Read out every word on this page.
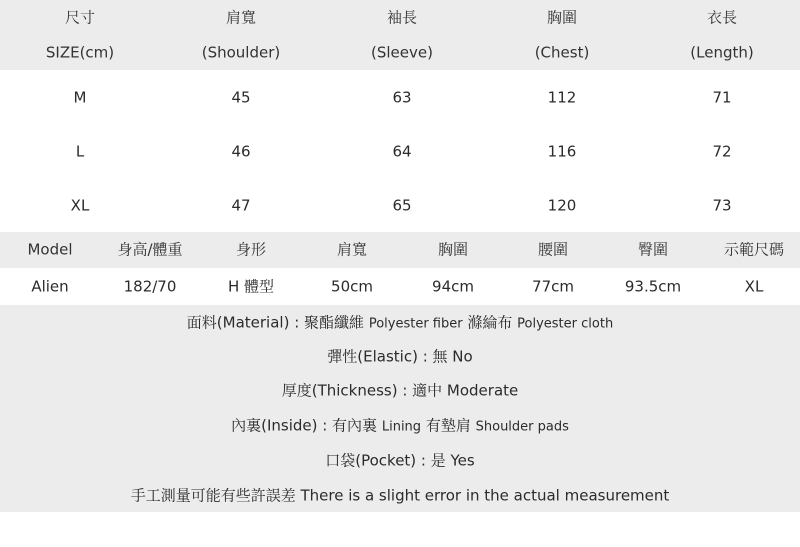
尺寸	肩寬	袖長	胸圍	衣長
SIZE(cm)	(Shoulder)	(Sleeve)	(Chest)	(Length)
M	45	63	112	71
L	46	64	116	72
XL	47	65	120	73
Model	身高/體重	身形	肩寬	胸圍	腰圍	臀圍	示範尺碼
Alien	182/70	H 體型	50cm	94cm	77cm	93.5cm	XL
面料(Material) : 聚酯纖維 Polyester fiber 滌綸布 Polyester cloth
彈性(Elastic) : 無 No
厚度(Thickness) : 適中 Moderate
內裏(Inside) : 有內裏 Lining 有墊肩 Shoulder pads
口袋(Pocket) : 是 Yes
手工測量可能有些許誤差 There is a slight error in the actual measurement
